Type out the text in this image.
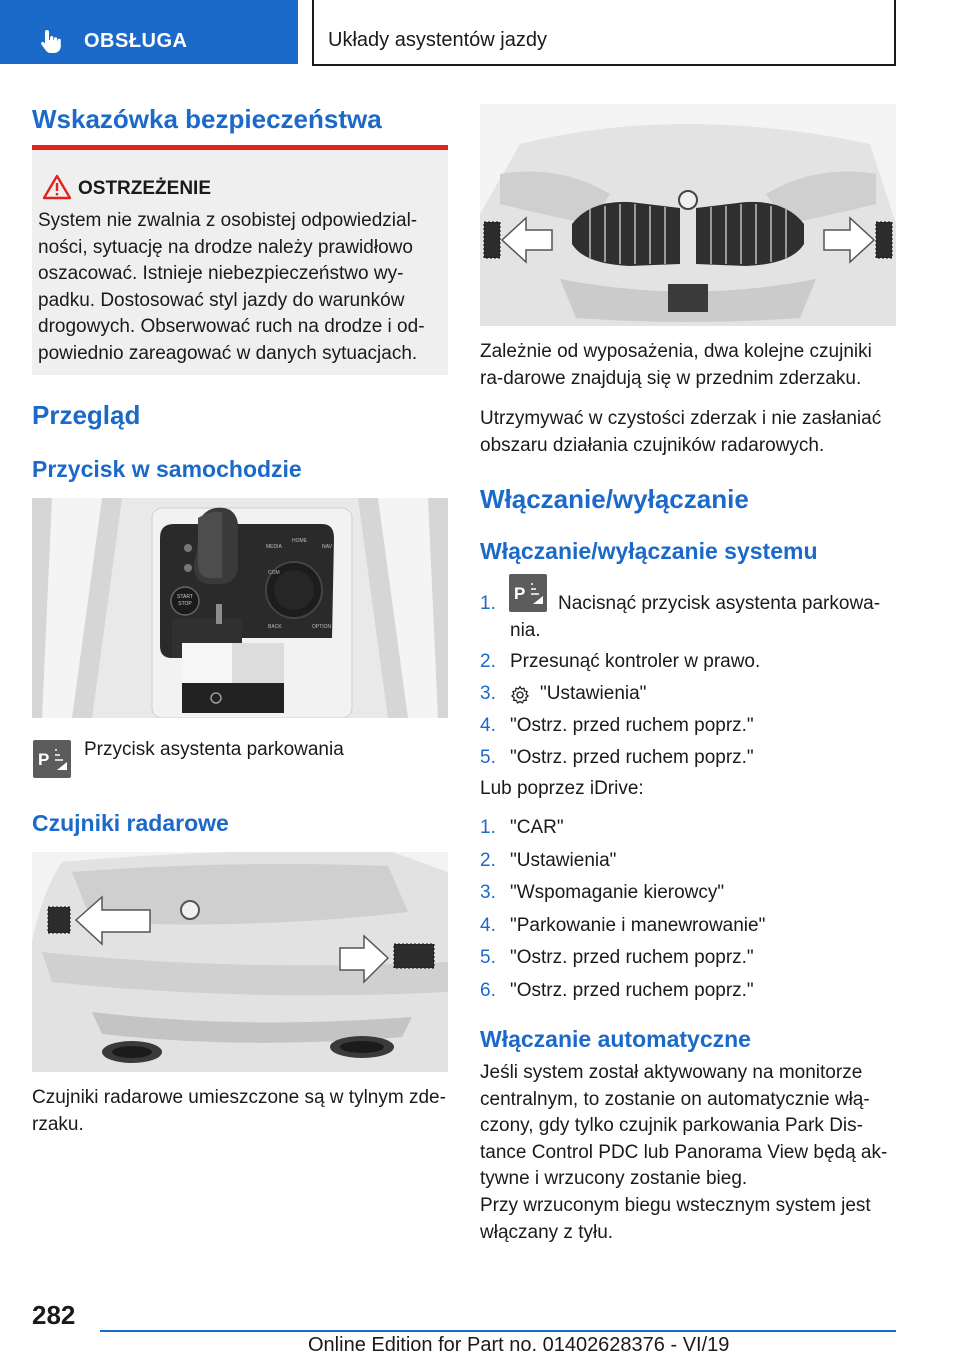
OBSŁUGA	Układy asystentów jazdy
Wskazówka bezpieczeństwa
OSTRZEŻENIE
System nie zwalnia z osobistej odpowiedzial-ności, sytuację na drodze należy prawidłowo oszacować. Istnieje niebezpieczeństwo wy-padku. Dostosować styl jazdy do warunków drogowych. Obserwować ruch na drodze i od-powiednio zareagować w danych sytuacjach.
Przegląd
Przycisk w samochodzie
START
STOP
MEDIA
HOME
NAV
COM
BACK	OPTION
P Przycisk asystenta parkowania
Czujniki radarowe
Czujniki radarowe umieszczone są w tylnym zde-rzaku.
Zależnie od wyposażenia, dwa kolejne czujniki ra-darowe znajdują się w przednim zderzaku.
Utrzymywać w czystości zderzak i nie zasłaniać obszaru działania czujników radarowych.
Włączanie/wyłączanie
Włączanie/wyłączanie systemu
P
1.	Nacisnąć przycisk asystenta parkowa-
nia.
2. Przesunąć kontroler w prawo.
3. "Ustawienia"
4. "Ostrz. przed ruchem poprz."
5. "Ostrz. przed ruchem poprz."
Lub poprzez iDrive:
1. "CAR"
2. "Ustawienia"
3. "Wspomaganie kierowcy"
4. "Parkowanie i manewrowanie"
5. "Ostrz. przed ruchem poprz."
6. "Ostrz. przed ruchem poprz."
Włączanie automatyczne
Jeśli system został aktywowany na monitorze centralnym, to zostanie on automatycznie włą-czony, gdy tylko czujnik parkowania Park Dis-tance Control PDC lub Panorama View będą ak-tywne i wrzucony zostanie bieg.
Przy wrzuconym biegu wstecznym system jest włączany z tyłu.
282
Online Edition for Part no. 01402628376 - VI/19
